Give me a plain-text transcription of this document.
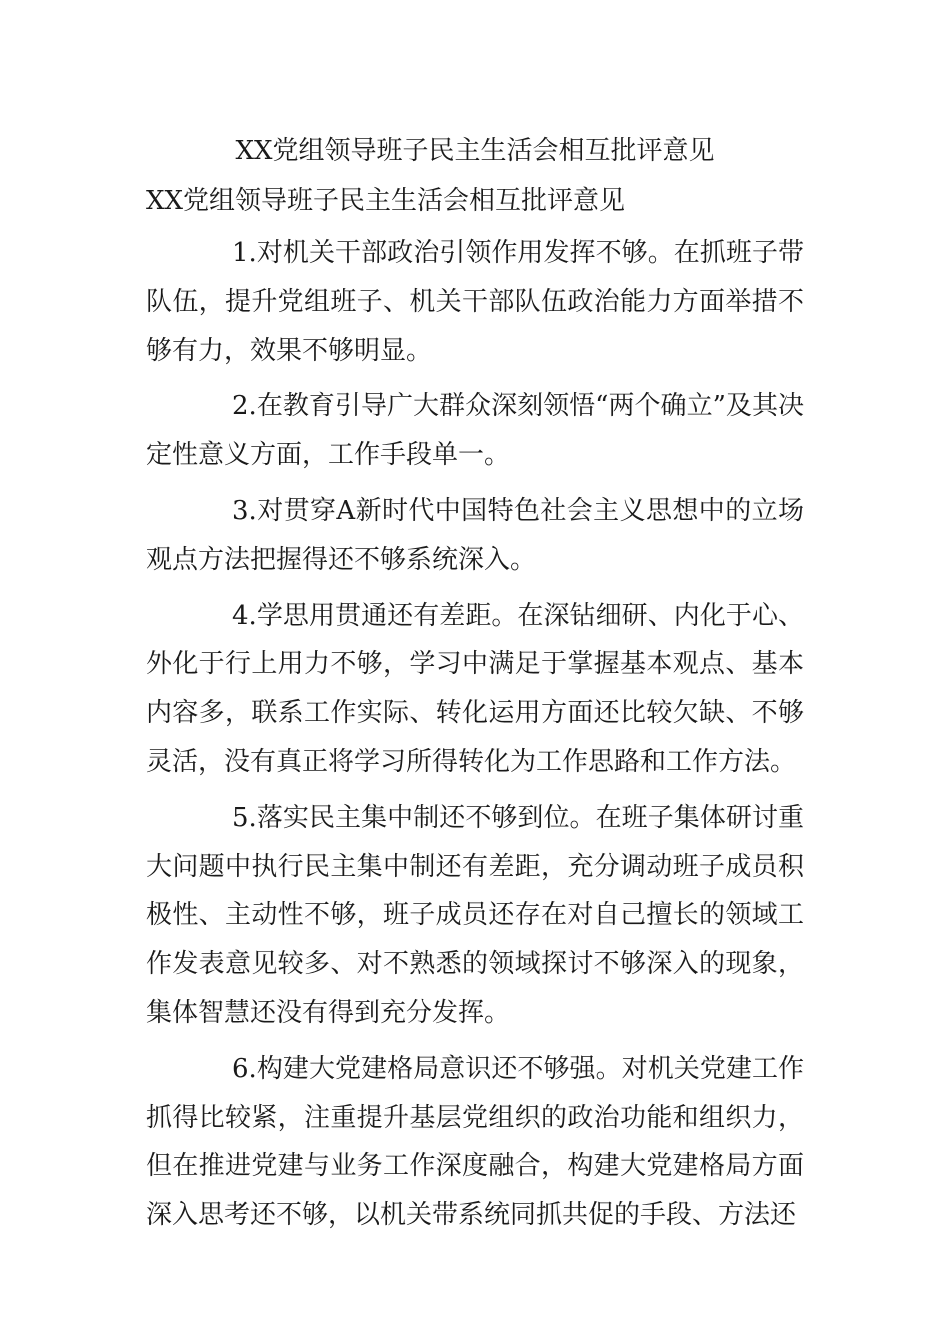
XX党组领导班子民主生活会相互批评意见

XX党组领导班子民主生活会相互批评意见

1.对机关干部政治引领作用发挥不够。在抓班子带队伍，提升党组班子、机关干部队伍政治能力方面举措不够有力，效果不够明显。

2.在教育引导广大群众深刻领悟“两个确立”及其决定性意义方面，工作手段单一。

3.对贯穿A新时代中国特色社会主义思想中的立场观点方法把握得还不够系统深入。

4.学思用贯通还有差距。在深钻细研、内化于心、外化于行上用力不够，学习中满足于掌握基本观点、基本内容多，联系工作实际、转化运用方面还比较欠缺、不够灵活，没有真正将学习所得转化为工作思路和工作方法。

5.落实民主集中制还不够到位。在班子集体研讨重大问题中执行民主集中制还有差距，充分调动班子成员积极性、主动性不够，班子成员还存在对自己擅长的领域工作发表意见较多、对不熟悉的领域探讨不够深入的现象，集体智慧还没有得到充分发挥。

6.构建大党建格局意识还不够强。对机关党建工作抓得比较紧，注重提升基层党组织的政治功能和组织力，但在推进党建与业务工作深度融合，构建大党建格局方面深入思考还不够，以机关带系统同抓共促的手段、方法还
